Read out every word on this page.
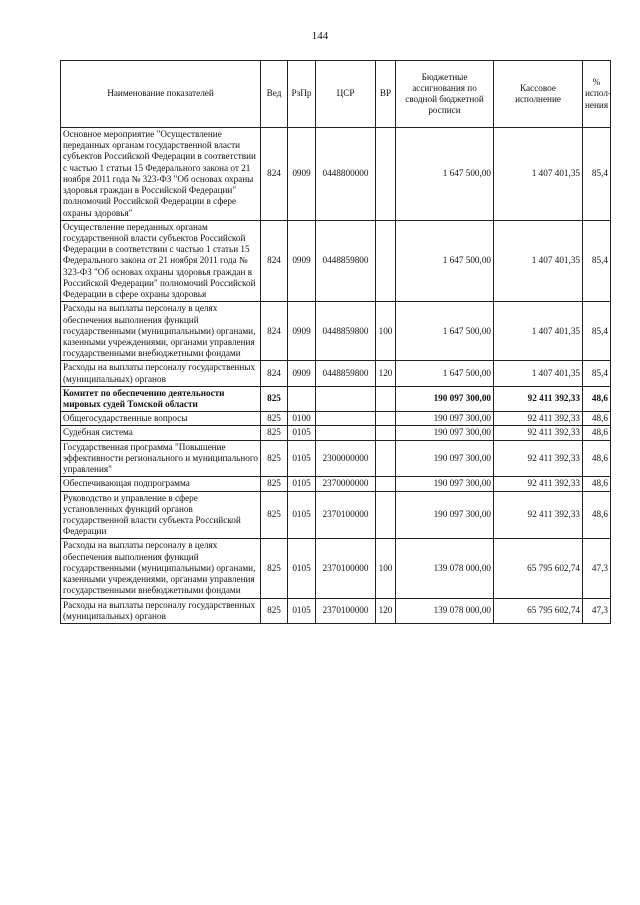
144
Наименование показателей	Вед	РзПр	ЦСР	ВР	Бюджетные ассигнования по сводной бюджетной росписи	Кассовое исполнение	% испол-нения
Основное мероприятие "Осуществление переданных органам государственной власти субъектов Российской Федерации в соответствии с частью 1 статьи 15 Федерального закона от 21 ноября 2011 года № 323-ФЗ "Об основах охраны здоровья граждан в Российской Федерации" полномочий Российской Федерации в сфере охраны здоровья"	824	0909	0448800000		1 647 500,00	1 407 401,35	85,4
Осуществление переданных органам государственной власти субъектов Российской Федерации в соответствии с частью 1 статьи 15 Федерального закона от 21 ноября 2011 года № 323-ФЗ "Об основах охраны здоровья граждан в Российской Федерации" полномочий Российской Федерации в сфере охраны здоровья	824	0909	0448859800		1 647 500,00	1 407 401,35	85,4
Расходы на выплаты персоналу в целях обеспечения выполнения функций государственными (муниципальными) органами, казенными учреждениями, органами управления государственными внебюджетными фондами	824	0909	0448859800	100	1 647 500,00	1 407 401,35	85,4
Расходы на выплаты персоналу государственных (муниципальных) органов	824	0909	0448859800	120	1 647 500,00	1 407 401,35	85,4
Комитет по обеспечению деятельности мировых судей Томской области	825				190 097 300,00	92 411 392,33	48,6
Общегосударственные вопросы	825	0100			190 097 300,00	92 411 392,33	48,6
Судебная система	825	0105			190 097 300,00	92 411 392,33	48,6
Государственная программа "Повышение эффективности регионального и муниципального управления"	825	0105	2300000000		190 097 300,00	92 411 392,33	48,6
Обеспечивающая подпрограмма	825	0105	2370000000		190 097 300,00	92 411 392,33	48,6
Руководство и управление в сфере установленных функций органов государственной власти субъекта Российской Федерации	825	0105	2370100000		190 097 300,00	92 411 392,33	48,6
Расходы на выплаты персоналу в целях обеспечения выполнения функций государственными (муниципальными) органами, казенными учреждениями, органами управления государственными внебюджетными фондами	825	0105	2370100000	100	139 078 000,00	65 795 602,74	47,3
Расходы на выплаты персоналу государственных (муниципальных) органов	825	0105	2370100000	120	139 078 000,00	65 795 602,74	47,3
